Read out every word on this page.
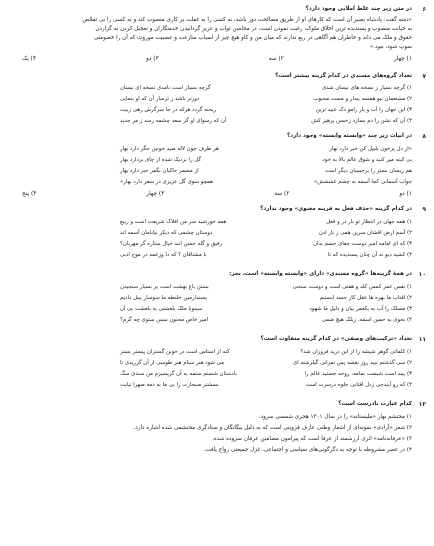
۶
در متن زیر چند غلط املایی وجود دارد؟
«دمنه گفت: پادشاه بصیر آن است که کارهای او از طریق مصالحت دور باشد، نه کسی را به غفلت بر کاری منصوب کند و نه کسی را بی تفحّص
به خیانت منصوب و پسندیده ترین اخلاق ملوک، رغبت نمودن است، در محاسن ثواب و عزیز گردانیدن خدمتگاران و تعجیل کردن به گزاردن
حقوق و ملک می داند و خاطران هم آگاهی در ربع ندارند که میان من و کاو هیچ چیز از اسباب منازعت و عصبیت موروث که آن را خصومتی
سوپ شود، نبود.»
۱) چهار
۲) سه
۳) دو
۴) یک
۷
تعداد گروه‌های مسندی در کدام گزینه بیشتر است؟
۱) گرچه بسیار ز نسخه های نیسان شدی
گرچه بسیار است نامدی نسخه ای نیسان
۲) مشتعمان نیو همسه بیدار و مست محبوب
دورتر باشد ز ترسار آن که او بنمایی
۳) این جهان را آب و باز رامو دک عبید ترین
ریحنه گردد هرکه در جا سرگرش رهی زبیت
۴) آن که نشن را دم بسازد زحسن پرهیز کش
آن که رسوای او گر سعد چشمه رسد ز مر جدید
۸
در ابیات زیر چند «وابسته وابسته» وجود دارد؟
«از دل پرخون بلبیل کن خبر دارد بهار
هر طرف چون لاله صید خونین جگر دارد بهار
بی کینه میر کنید و شوق عالم بالا به خود
گل را نزدیک شده از چای بردارد بهار
هم ریسان بستر را برجسیان دیگر است
از مسمر حاکیان بگمر خبر دارد بهار
جواب آسمانی کجا آسمه به چشم غششش»
همچو سوی گل عزیزی در سفر دارد بهار»
۱) دو
۲) سه
۳) چهار
۴) پنج
۹
در کدام گزینه «حذف فعل به قرینه معنوی» وجود ندارد؟
۱) همه جهان در انتظار تو بار در و فعل
همه خورشید سر من افلاک شریعت است و ربیع
۲) آسم ارض افشان سرین همی ز بار ادن
دوستان چشمی که دیکر بیابامان آسمه اند
۳) که ای امامه امیر دوست جفای جسم بدان
رفیق و گله حسن انند خیال ستاره گر مهربان؟
۴) کشید دیو نه آن چنان پسندیده که تا
با مشتاقان ؟ که دا وزعمه در موح ادبی
۱۰
در همهٔ گزینه‌ها «گروه مسندی» دارای «وابسته وابسته» است، بجز:
۱) نفس عمر کمس کلد و هفتی است و دوست سنجی
بستن باغ بهشت است بر بسیار سنجیدن
۲) افتاب ما بهره ها عقل کار جسد ایستیم
پسندارمین خلنطه ما سوسار بیبل دادیم
۳) مسلک را آب به یکعمر بیان و دلیل ما شهود
سینوبا ملک بلعشتی به بلعشت بی آن
۴) نحوی به حمین اسمه، زبلک هیچ ضمی
امیر خاص مجنون سس ستوی چه گرم؟
۱۱
تعداد «ترکیب‌های وصفی» در کدام گزینه متفاوت است؟
۱) کلماتی گوهر شیشه را از این درید فروزان شد؟
کنه از استاس است در خوبن گستران پیستر بستر
۲) سی گذشتم نبید روز نقشه پس تمرانی گیلرشته ای
می شود هنر سنام هنر طوسی ار آن گرریدی تا
۳) بیند است شبست تمامه، روحه جستید عالم را
بادستان شستم ستمه به آن گریسیزم من سندی سگ
۴) که رو آیندجی زدل افتابی جلوه درسرت است
بسشتر صبحارت را بی ما به دمه صهرا تیایت
۱۲
کدام عبارت نادرست است؟
۱) محتشم بهار «ملیستانه» را در سال ۱۳۰۱ هجری شمسی سرود.
۲) شعر «آزادی» نمونه‌ای از اشعار وطنی عارف قزوینی است که به دلیل بیگانگان و ستادگری محتشمی شده اشاره دارد.
۳) «عرفانه‌نامه» اثری ارزشمند از عرفا است که پیرامون مضامین عرفان سروده شده.
۴) در عصر مشروطه با توجه به دگرگونی‌های سیاسی و اجتماعی، غزل جمیعتی رواج یافت.
